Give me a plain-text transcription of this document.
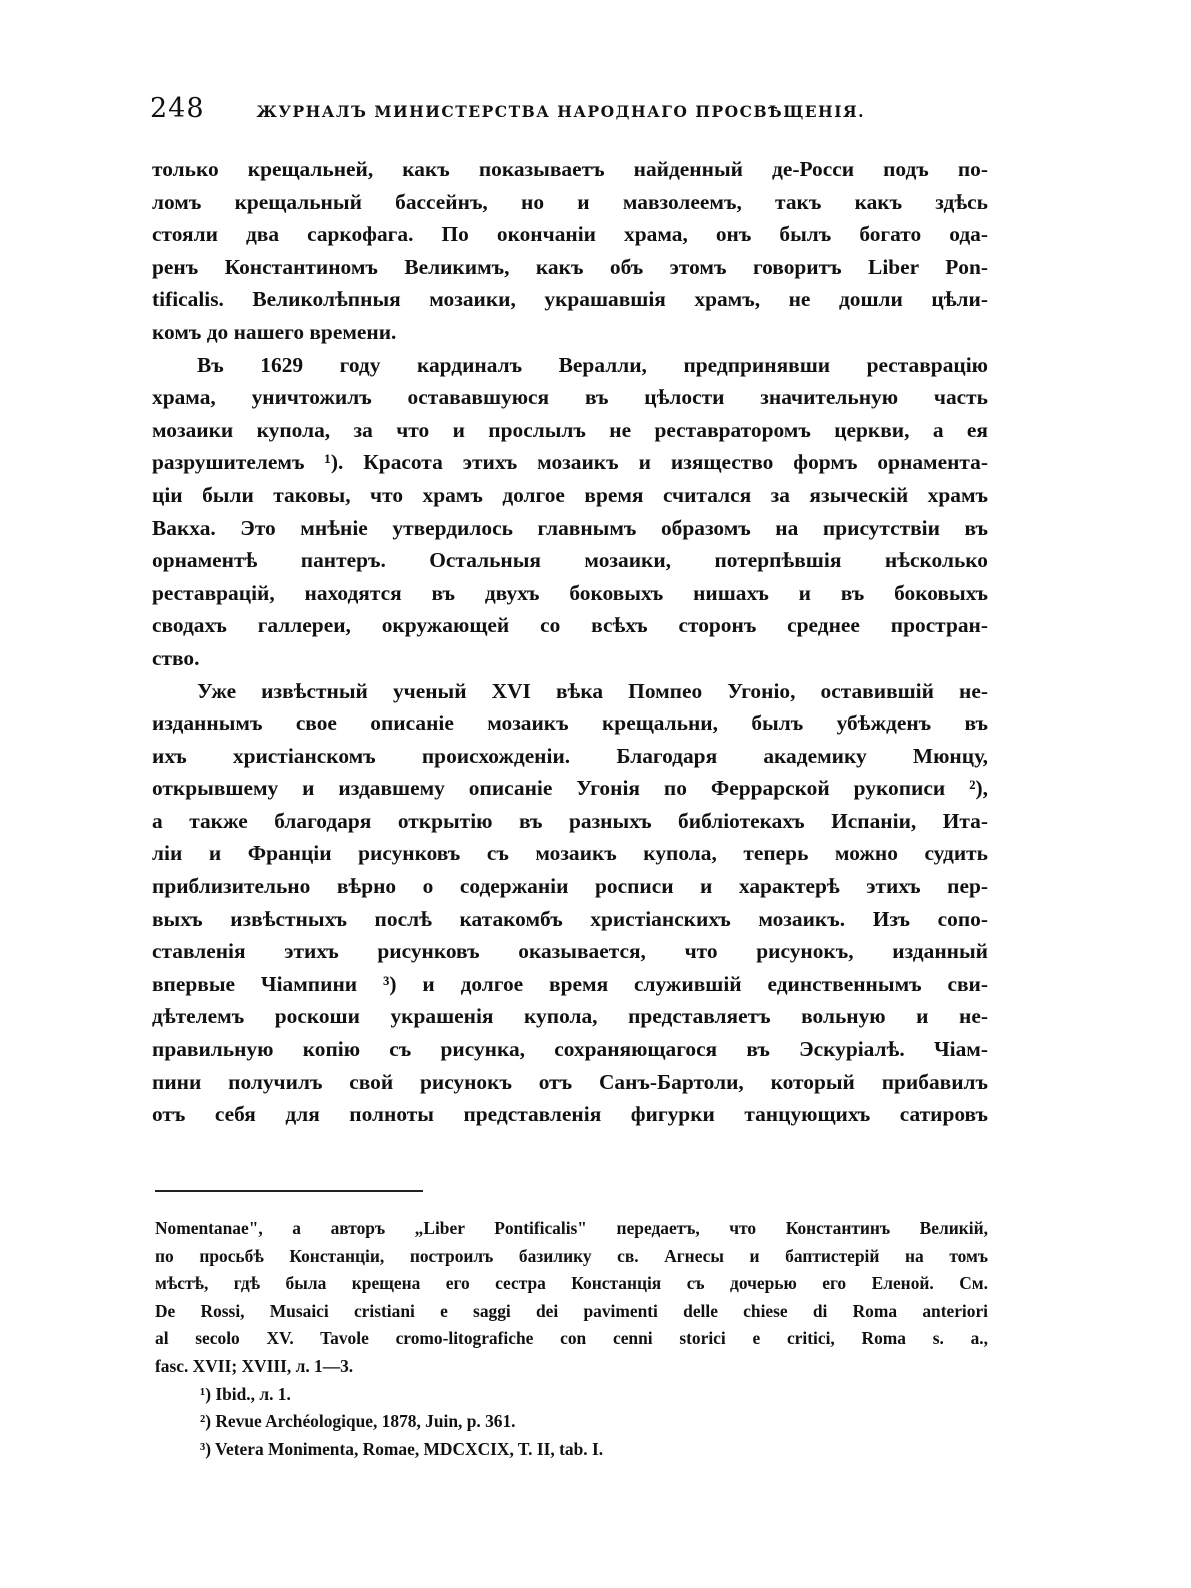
248	ЖУРНАЛЪ МИНИСТЕРСТВА НАРОДНАГО ПРОСВѢЩЕНІЯ.

только крещальней, какъ показываетъ найденный де-Росси подъ по-
ломъ крещальный бассейнъ, но и мавзолеемъ, такъ какъ здѣсь
стояли два саркофага. По окончаніи храма, онъ былъ богато ода-
ренъ Константиномъ Великимъ, какъ объ этомъ говоритъ Liber Pon-
tificalis. Великолѣпныя мозаики, украшавшія храмъ, не дошли цѣли-
комъ до нашего времени.

Въ 1629 году кардиналъ Вералли, предпринявши реставрацію
храма, уничтожилъ остававшуюся въ цѣлости значительную часть
мозаики купола, за что и прослылъ не реставраторомъ церкви, а ея
разрушителемъ ¹). Красота этихъ мозаикъ и изящество формъ орнамента-
ціи были таковы, что храмъ долгое время считался за языческій храмъ
Вакха. Это мнѣніе утвердилось главнымъ образомъ на присутствіи въ
орнаментѣ пантеръ. Остальныя мозаики, потерпѣвшія нѣсколько
реставрацій, находятся въ двухъ боковыхъ нишахъ и въ боковыхъ
сводахъ галлереи, окружающей со всѣхъ сторонъ среднее простран-
ство.

Уже извѣстный ученый XVI вѣка Помпео Угоніо, оставившій не-
изданнымъ свое описаніе мозаикъ крещальни, былъ убѣжденъ въ
ихъ христіанскомъ происхожденіи. Благодаря академику Мюнцу,
открывшему и издавшему описаніе Угонія по Феррарской рукописи ²),
а также благодаря открытію въ разныхъ библіотекахъ Испаніи, Ита-
ліи и Франціи рисунковъ съ мозаикъ купола, теперь можно судить
приблизительно вѣрно о содержаніи росписи и характерѣ этихъ пер-
выхъ извѣстныхъ послѣ катакомбъ христіанскихъ мозаикъ. Изъ сопо-
ставленія этихъ рисунковъ оказывается, что рисунокъ, изданный
впервые Чіампини ³) и долгое время служившій единственнымъ сви-
дѣтелемъ роскоши украшенія купола, представляетъ вольную и не-
правильную копію съ рисунка, сохраняющагося въ Эскуріалѣ. Чіам-
пини получилъ свой рисунокъ отъ Санъ-Бартоли, который прибавилъ
отъ себя для полноты представленія фигурки танцующихъ сатировъ

Nomentanae", а авторъ „Liber Pontificalis" передаетъ, что Константинъ Великій,
по просьбѣ Констанціи, построилъ базилику св. Агнесы и баптистерій на томъ
мѣстѣ, гдѣ была крещена его сестра Констанція съ дочерью его Еленой. См.
De Rossi, Musaici cristiani e saggi dei pavimenti delle chiese di Roma anteriori
al secolo XV. Tavole cromo-litografiche con cenni storici e critici, Roma s. a.,
fasc. XVII; XVIII, л. 1—3.
¹) Ibid., л. 1.
²) Revue Archéologique, 1878, Juin, p. 361.
³) Vetera Monimenta, Romae, MDCXCIX, T. II, tab. I.
